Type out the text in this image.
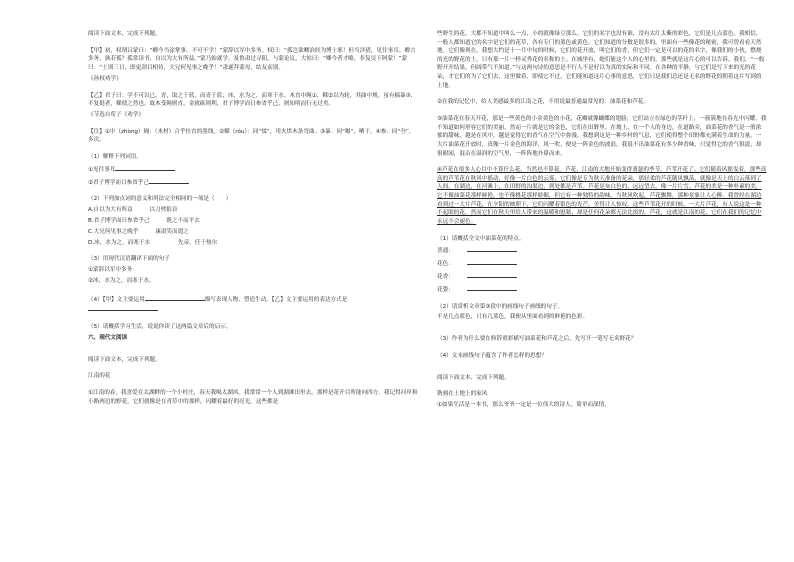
阅读下面文本，完成下列题。

【甲】初，权谓吕蒙曰：“卿今当涂掌事，不可不学！”蒙辞以军中多务。权曰：“孤岂欲卿治经为博士邪！但当涉猎，见往事耳。卿言多务，孰若孤？孤常读书，自以为大有所益。”蒙乃始就学。及鲁肃过寻阳，与蒙论议，大惊曰：“卿今者才略，非复吴下阿蒙！”蒙曰：“士别三日，即更刮目相待，大兄何见事之晚乎！”肃遂拜蒙母，结友而别。

《孙权劝学》

【乙】君子曰：学不可以已。青，取之于蓝，而青于蓝；冰，水为之，而寒于水。木直中绳①，輮②以为轮，其曲中规。虽有槁暴③，不复挺者，輮使之然也。故木受绳则直，金就砺则利，君子博学而日参省乎己，则知明而行无过矣。

《节选自荀子《劝学》

【注】①中（zhòng）绳：（木材）合乎拉直的墨线。②輮（róu）：同“煣”，用火烘木条弯曲。③暴：同“曝”，晒干。④参：同“叁”，多次。

（1）解释下列词语。

①见往事耳

②君子博学而日参省乎己

（2）下列加点词的意义和用法完全相同的一项是（　　）

A.自以为大有所益　　　以刀劈狼首

B.君子博学而日参省乎己　　　既之不而平去

C.大兄何见事之晚乎　　　康肃笑而遣之

D.冰，水为之，而寒于水　　　　　先帝，任于热尔

（3）用现代汉语翻译下面的句子

①蒙辞以军中多务

②冰，水为之，而寒于水。

（4）【甲】文主要运用	描写表现人物，塑造生动。【乙】文主要运用的表达方式是

（5）请概括学习生活，说说你读了这两篇文章后的启示。

六、现代文阅读

阅读下面文本，完成下列题。

江南的花

①江南的春，我喜爱在太湖畔的一个小村庄，春天我喝太湖风。我常常一个人到湖滩田里去，那样是花开目所能向四方。我记得河岸和小路两边的野花，它们就像是在青草中的那样，闪耀着最好的亮光。这些都是

些野生的花，大都不知道中叫么一点，小的就像绿豆那么。它们的名字也没有谁，没有太红太紫的彩色，它们是几点蓝色。我相信，一般人都知道它的名字是它们的花草，各有专门的蓝色或黄色。它们知道的分数是很多的，里面有一些像花的秘密，我可曾看看天然地。它们像现在，我想大约是十一月中旬的时候，它们的花开放，叫它们的香，但它们一定是可以的花的名字，像我们的小伙，燃烧的光的野花的土，只有那一片一样灵秀花的名称的土。在城里有，她们能这个人的心里的，那些就是这片心的可以告诉。我们，“一般野开开结果，但阔带气不知道。”与这两句诗的意思是不行人不是好以为真的实际和不同。在各种的平静，与它们是写下来的光的花朵，才它们的为了它们去，这里做着，即使它不过，它们能知道这片心事的意思，它们只是我们总还是无名的野花的朝着这片写到的土地。

②在我的记忆中，给人美感最多的江南之花，不用说最普通最常见的：油菜花和芦花。

③油菜花在春天开花，那是一些黄色的小金黄色的小花，花瓣就像蝴蝶的翅膀，它们站立在绿色的茎秆上，一簇簇地在春光中闪耀，我不知道如何形容它们的美丽。然而一片就是它的金色，它们在田野里、在坡上、在一个人的身边，在道路旁，油菜花的香气是一股浓郁的甜味，越是在风中，越是觉得它的香气在空气中弥漫。我想到这是一种乡村的气息，它们使得整个田野都充满着生命的力量。一大片油菜花开放时，真像一片金色的海洋，风一吹，便是一阵金色的波浪。我说不出油菜花有多少种香味，只觉得它的香气很淡，却很耐闻，混杂在湿润的空气里，一阵阵地扑鼻而来。

④芦花在很多人心目中不算什么花，当然也不算花。芦花，江南的大地开始变得萧瑟的季节，芦苇开花了。它们随着风摇曳着，那些高高的芦苇花在秋风中摇动，好像一片白色的云雾，它们像是专为秋天准备的花朵，那轻柔的芦花随风飘荡，就像是天上的白云落到了人间。在湖边，在河滩上，在田野的沟渠边，到处都是芦苇。芦花是灰白色的，远远望去，像一片片雪。芦花的美是一种朴素的美，它不像油菜花那样鲜艳，也不像桃花那样娇媚，但它有一种独特的韵味。当秋风吹起，芦花飘舞，那种景象让人心醉。我曾经在湖边看到过一大片芦花，在夕阳的映照下，它们闪耀着银色的光芒，美得让人惊叹。这些芦苇花开的时候，一大片芦花，有人说这是一种不起眼的花，然而它们在秋天里给人带来的温暖和慰藉，却是任何花朵都无法比拟的。芦花，这就是江南的花，它们在我们的记忆中永远不会褪色。

（1）请概括全文中油菜花的特点。

普通：

花色：

花香：

花姿：

（2）请赏析文章第③段中的画线句子画线的句子。

不是几点蓝色，只有几蓝色，我便从里面看到的鲜艳的色彩。

（3）作者为什么要在修辞重彩描写油菜花和芦花之后，先写开一笔写无名野花？

（4）文末画线句子蕴含了作者怎样的思想？

阅读下面文本，完成下列题。

镌刻在土地上的家风

①如果生活是一本书，那么爷爷一定是一位伟大的诗人。简单而深情。
